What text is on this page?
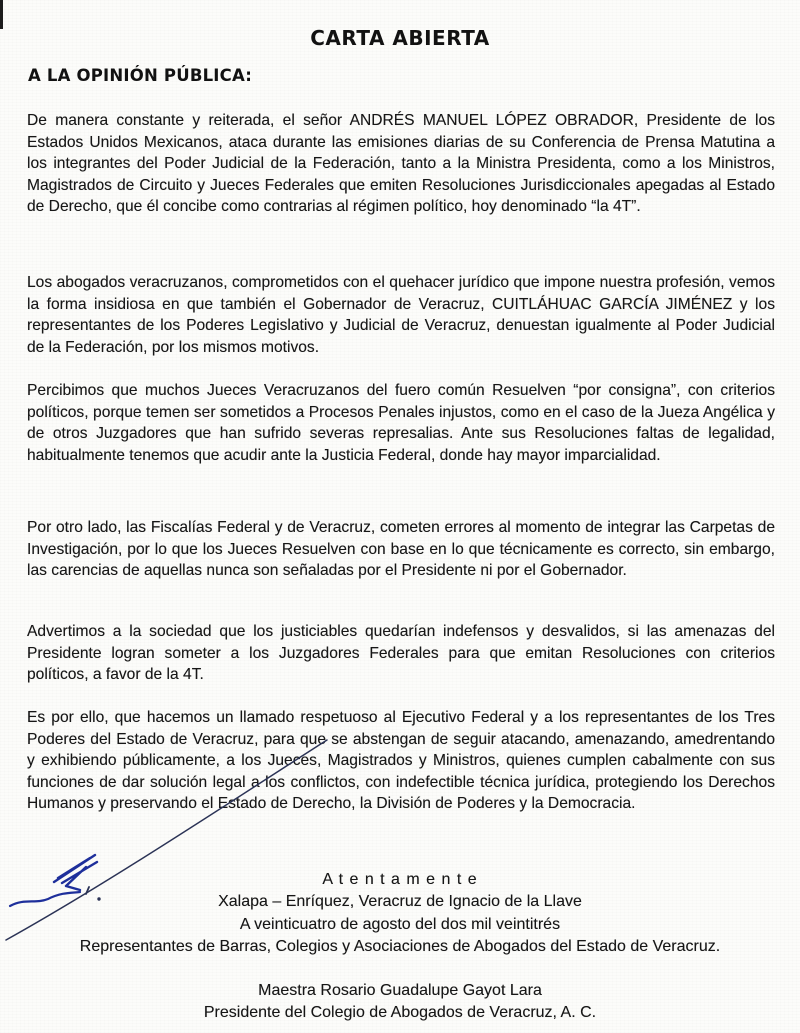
CARTA ABIERTA
A LA OPINIÓN PÚBLICA:

De manera constante y reiterada, el señor ANDRÉS MANUEL LÓPEZ OBRADOR, Presidente de los Estados Unidos Mexicanos, ataca durante las emisiones diarias de su Conferencia de Prensa Matutina a los integrantes del Poder Judicial de la Federación, tanto a la Ministra Presidenta, como a los Ministros, Magistrados de Circuito y Jueces Federales que emiten Resoluciones Jurisdiccionales apegadas al Estado de Derecho, que él concibe como contrarias al régimen político, hoy denominado “la 4T”.

Los abogados veracruzanos, comprometidos con el quehacer jurídico que impone nuestra profesión, vemos la forma insidiosa en que también el Gobernador de Veracruz, CUITLÁHUAC GARCÍA JIMÉNEZ y los representantes de los Poderes Legislativo y Judicial de Veracruz, denuestan igualmente al Poder Judicial de la Federación, por los mismos motivos.

Percibimos que muchos Jueces Veracruzanos del fuero común Resuelven “por consigna”, con criterios políticos, porque temen ser sometidos a Procesos Penales injustos, como en el caso de la Jueza Angélica y de otros Juzgadores que han sufrido severas represalias. Ante sus Resoluciones faltas de legalidad, habitualmente tenemos que acudir ante la Justicia Federal, donde hay mayor imparcialidad.

Por otro lado, las Fiscalías Federal y de Veracruz, cometen errores al momento de integrar las Carpetas de Investigación, por lo que los Jueces Resuelven con base en lo que técnicamente es correcto, sin embargo, las carencias de aquellas nunca son señaladas por el Presidente ni por el Gobernador.

Advertimos a la sociedad que los justiciables quedarían indefensos y desvalidos, si las amenazas del Presidente logran someter a los Juzgadores Federales para que emitan Resoluciones con criterios políticos, a favor de la 4T.

Es por ello, que hacemos un llamado respetuoso al Ejecutivo Federal y a los representantes de los Tres Poderes del Estado de Veracruz, para que se abstengan de seguir atacando, amenazando, amedrentando y exhibiendo públicamente, a los Jueces, Magistrados y Ministros, quienes cumplen cabalmente con sus funciones de dar solución legal a los conflictos, con indefectible técnica jurídica, protegiendo los Derechos Humanos y preservando el Estado de Derecho, la División de Poderes y la Democracia.

A t e n t a m e n t e
Xalapa – Enríquez, Veracruz de Ignacio de la Llave
A veinticuatro de agosto del dos mil veintitrés
Representantes de Barras, Colegios y Asociaciones de Abogados del Estado de Veracruz.
Maestra Rosario Guadalupe Gayot Lara
Presidente del Colegio de Abogados de Veracruz, A. C.
